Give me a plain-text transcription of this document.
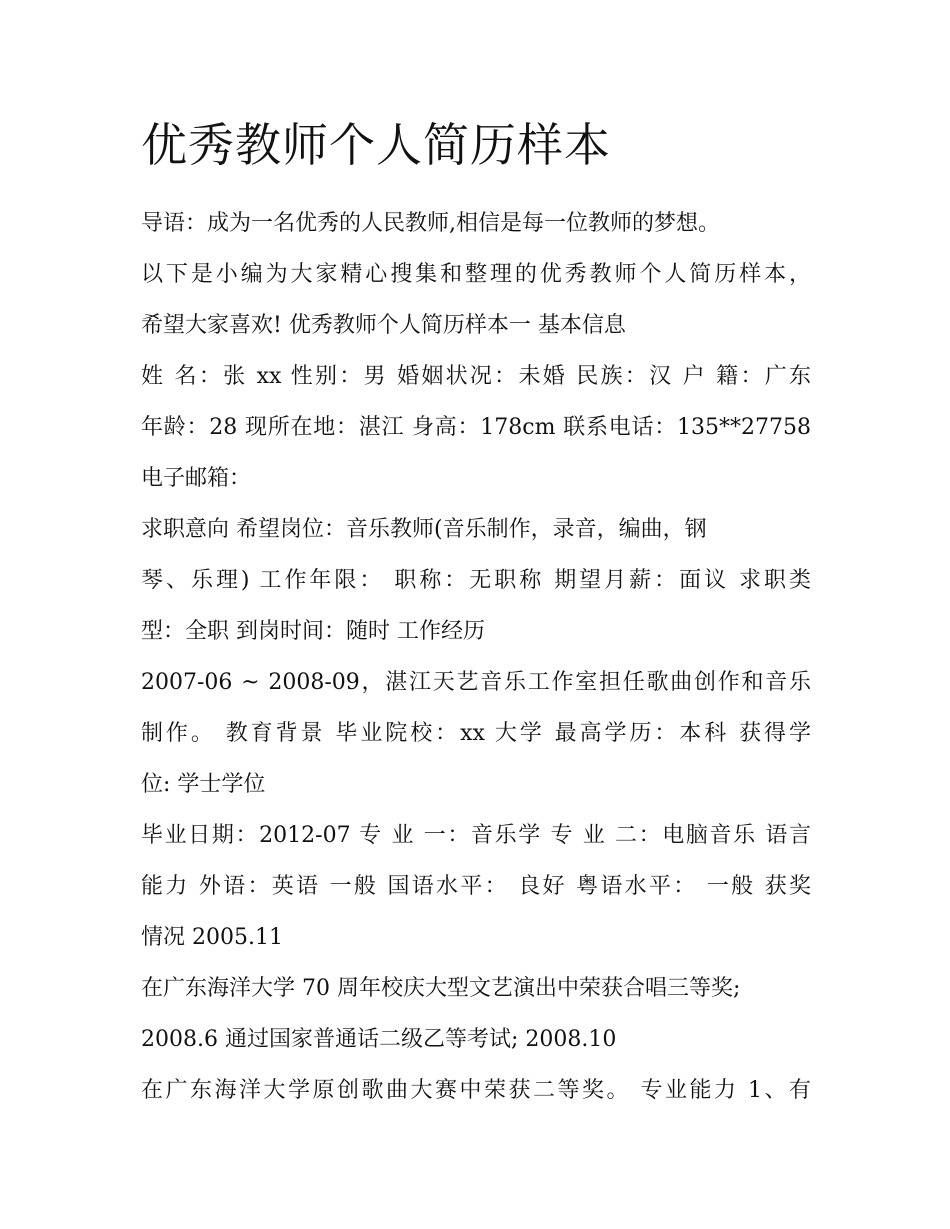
优秀教师个人简历样本

导语：成为一名优秀的人民教师,相信是每一位教师的梦想。

以下是小编为大家精心搜集和整理的优秀教师个人简历样本，

希望大家喜欢! 优秀教师个人简历样本一 基本信息

姓 名：张 xx 性别：男 婚姻状况：未婚 民族：汉 户 籍：广东

年龄：28 现所在地：湛江 身高：178cm 联系电话：135**27758

电子邮箱：

求职意向 希望岗位：音乐教师(音乐制作，录音，编曲，钢

琴、乐理) 工作年限： 职称：无职称 期望月薪：面议 求职类

型：全职 到岗时间：随时 工作经历

2007-06 ~ 2008-09，湛江天艺音乐工作室担任歌曲创作和音乐

制作。 教育背景 毕业院校：xx 大学 最高学历：本科 获得学

位: 学士学位

毕业日期：2012-07 专 业 一：音乐学 专 业 二：电脑音乐 语言

能力 外语：英语 一般 国语水平： 良好 粤语水平： 一般 获奖

情况 2005.11

在广东海洋大学 70 周年校庆大型文艺演出中荣获合唱三等奖;

2008.6 通过国家普通话二级乙等考试; 2008.10

在广东海洋大学原创歌曲大赛中荣获二等奖。 专业能力 1、有
